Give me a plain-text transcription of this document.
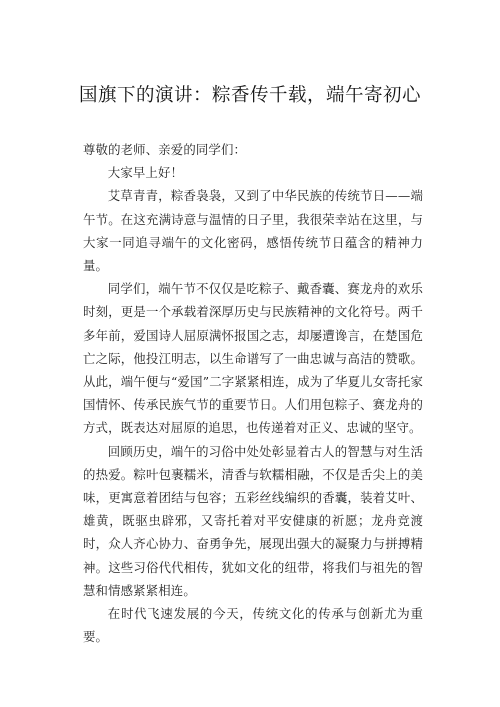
国旗下的演讲：粽香传千载，端午寄初心

尊敬的老师、亲爱的同学们：

大家早上好！

艾草青青，粽香袅袅，又到了中华民族的传统节日——端午节。在这充满诗意与温情的日子里，我很荣幸站在这里，与大家一同追寻端午的文化密码，感悟传统节日蕴含的精神力量。

同学们，端午节不仅仅是吃粽子、戴香囊、赛龙舟的欢乐时刻，更是一个承载着深厚历史与民族精神的文化符号。两千多年前，爱国诗人屈原满怀报国之志，却屡遭谗言，在楚国危亡之际，他投江明志，以生命谱写了一曲忠诚与高洁的赞歌。从此，端午便与“爱国”二字紧紧相连，成为了华夏儿女寄托家国情怀、传承民族气节的重要节日。人们用包粽子、赛龙舟的方式，既表达对屈原的追思，也传递着对正义、忠诚的坚守。

回顾历史，端午的习俗中处处彰显着古人的智慧与对生活的热爱。粽叶包裹糯米，清香与软糯相融，不仅是舌尖上的美味，更寓意着团结与包容；五彩丝线编织的香囊，装着艾叶、雄黄，既驱虫辟邪，又寄托着对平安健康的祈愿；龙舟竞渡时，众人齐心协力、奋勇争先，展现出强大的凝聚力与拼搏精神。这些习俗代代相传，犹如文化的纽带，将我们与祖先的智慧和情感紧紧相连。

在时代飞速发展的今天，传统文化的传承与创新尤为重要。
